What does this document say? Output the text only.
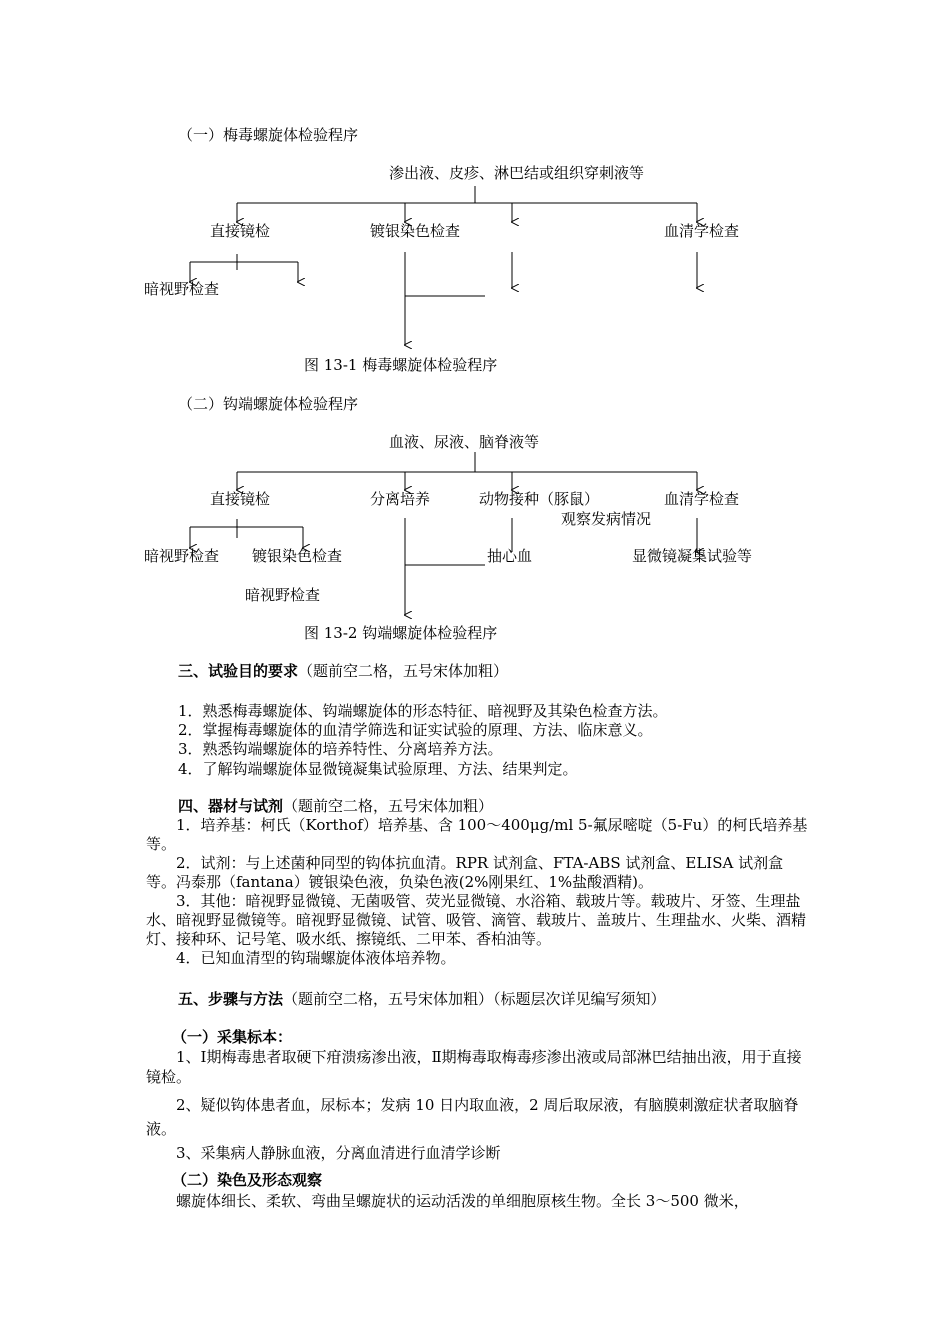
（一）梅毒螺旋体检验程序
渗出液、皮疹、淋巴结或组织穿刺液等
直接镜检	镀银染色检查	血清学检查
暗视野检查
图 13-1 梅毒螺旋体检验程序
（二）钩端螺旋体检验程序
血液、尿液、脑脊液等
直接镜检	分离培养	动物接种（豚鼠）	血清学检查
观察发病情况
暗视野检查 镀银染色检查	抽心血	显微镜凝集试验等
暗视野检查
图 13-2 钩端螺旋体检验程序
三、试验目的要求（题前空二格，五号宋体加粗）
1．熟悉梅毒螺旋体、钩端螺旋体的形态特征、暗视野及其染色检查方法。
2．掌握梅毒螺旋体的血清学筛选和证实试验的原理、方法、临床意义。
3．熟悉钩端螺旋体的培养特性、分离培养方法。
4．了解钩端螺旋体显微镜凝集试验原理、方法、结果判定。
四、器材与试剂（题前空二格，五号宋体加粗）

1．培养基：柯氏（Korthof）培养基、含 100～400μg/ml 5-氟尿嘧啶（5-Fu）的柯氏培养基等。

2．试剂：与上述菌种同型的钩体抗血清。RPR 试剂盒、FTA-ABS 试剂盒、ELISA 试剂盒等。冯泰那（fantana）镀银染色液，负染色液(2%刚果红、1%盐酸酒精)。

3．其他：暗视野显微镜、无菌吸管、荧光显微镜、水浴箱、载玻片等。载玻片、牙签、生理盐水、暗视野显微镜等。暗视野显微镜、试管、吸管、滴管、载玻片、盖玻片、生理盐水、火柴、酒精灯、接种环、记号笔、吸水纸、擦镜纸、二甲苯、香柏油等。

4．已知血清型的钩瑞螺旋体液体培养物。

五、步骤与方法（题前空二格，五号宋体加粗）（标题层次详见编写须知）
（一）采集标本：

1、Ⅰ期梅毒患者取硬下疳溃疡渗出液，Ⅱ期梅毒取梅毒疹渗出液或局部淋巴结抽出液，用于直接镜检。

2、疑似钩体患者血，尿标本；发病 10 日内取血液，2 周后取尿液，有脑膜刺激症状者取脑脊液。

3、采集病人静脉血液，分离血清进行血清学诊断

（二）染色及形态观察
螺旋体细长、柔软、弯曲呈螺旋状的运动活泼的单细胞原核生物。全长 3～500 微米，
